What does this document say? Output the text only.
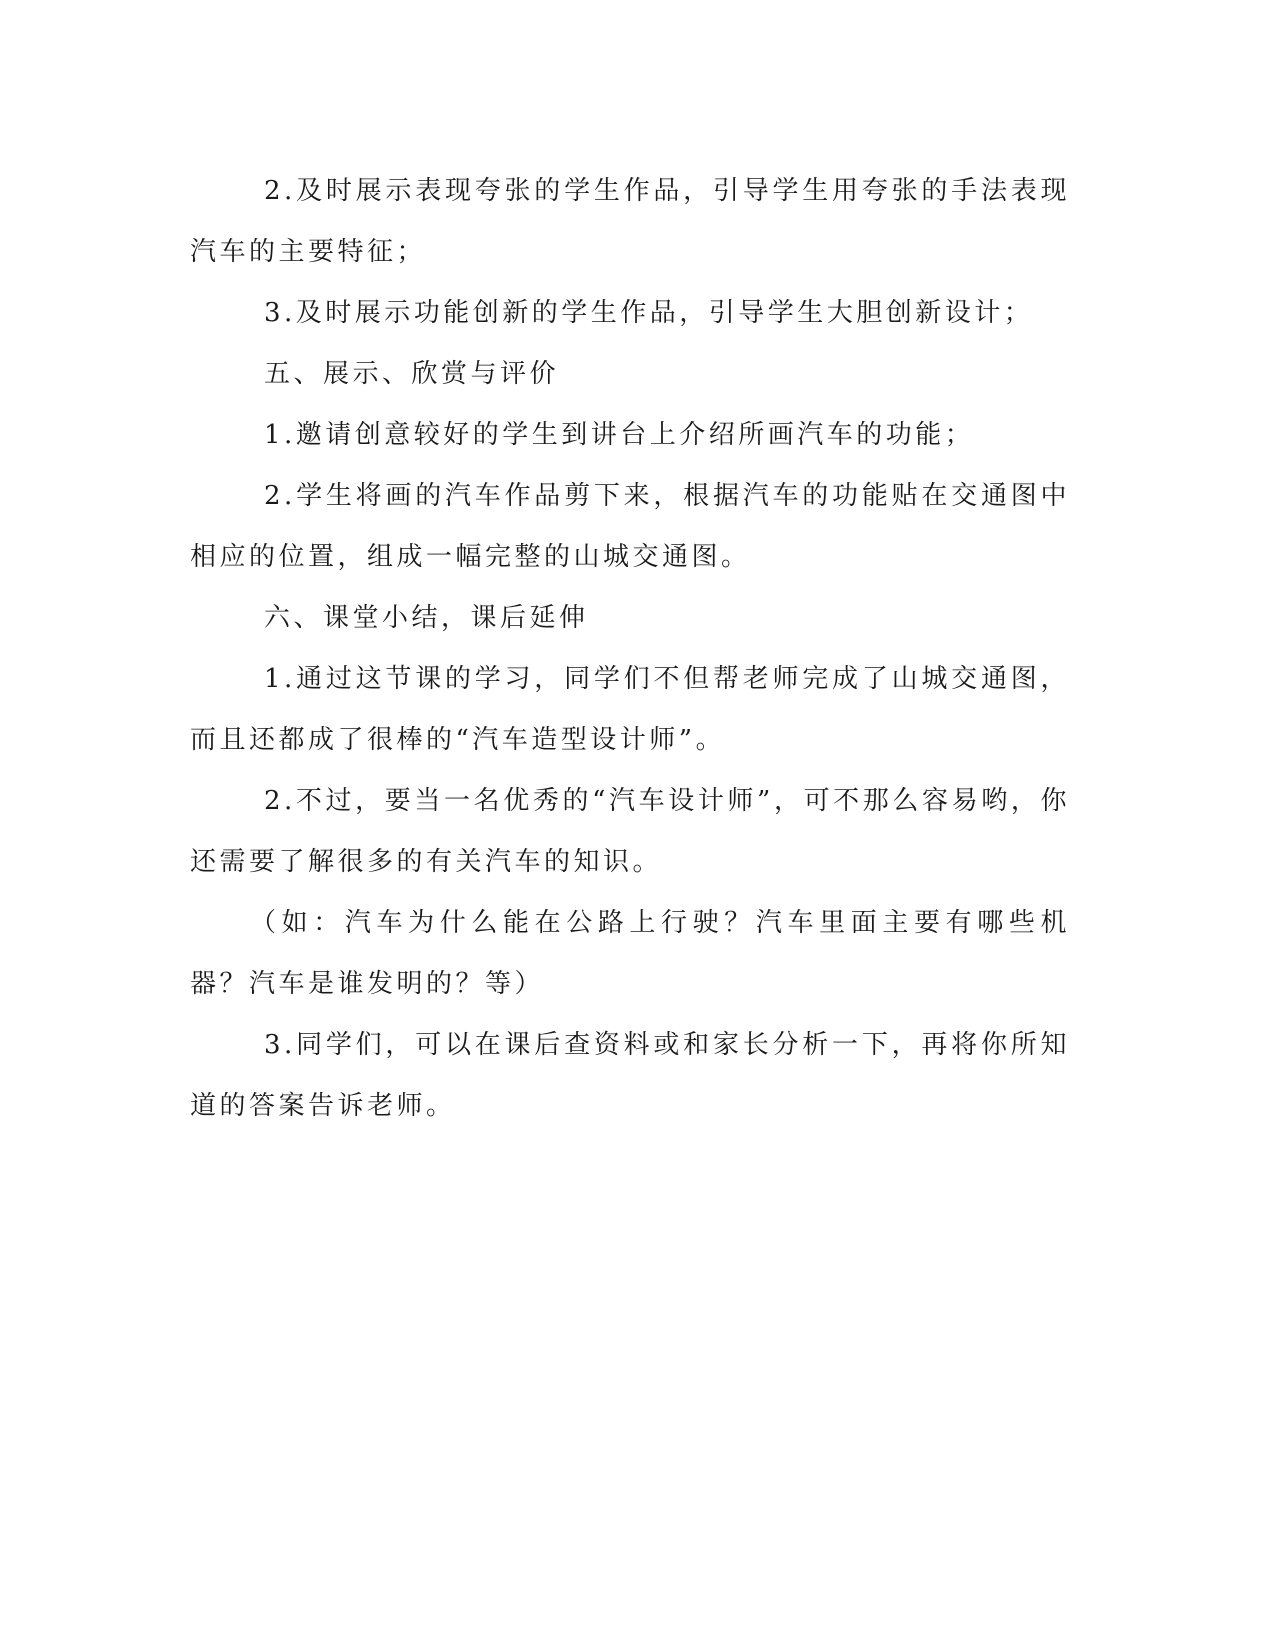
2.及时展示表现夸张的学生作品，引导学生用夸张的手法表现汽车的主要特征；

3.及时展示功能创新的学生作品，引导学生大胆创新设计；

五、展示、欣赏与评价

1.邀请创意较好的学生到讲台上介绍所画汽车的功能；

2.学生将画的汽车作品剪下来，根据汽车的功能贴在交通图中相应的位置，组成一幅完整的山城交通图。

六、课堂小结，课后延伸

1.通过这节课的学习，同学们不但帮老师完成了山城交通图，而且还都成了很棒的“汽车造型设计师”。

2.不过，要当一名优秀的“汽车设计师”，可不那么容易哟，你还需要了解很多的有关汽车的知识。

（如：汽车为什么能在公路上行驶？汽车里面主要有哪些机器？汽车是谁发明的？等）

3.同学们，可以在课后查资料或和家长分析一下，再将你所知道的答案告诉老师。
